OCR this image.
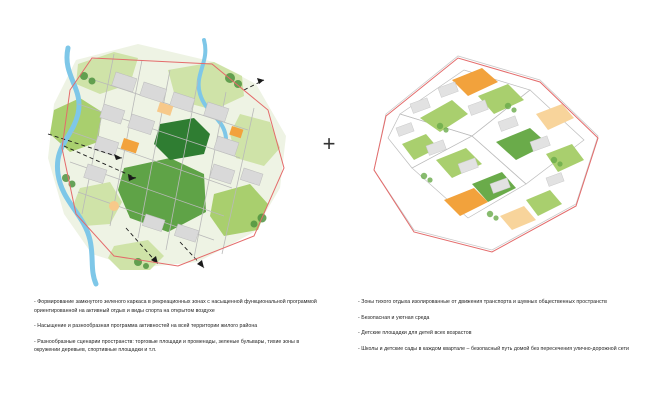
+

- Формирование замкнутого зеленого каркаса в рекреационных зонах с насыщенной функциональной программой ориентированной на активный отдых и виды спорта на открытом воздухе

- Насыщение и разнообразная программа активностей на всей территории жилого района

- Разнообразные сценарии пространств: торговые площади и променады, зеленые бульвары, тихие зоны в окружении деревьев, спортивные площадки и т.п.

- Зоны тихого отдыха изолированные от движения транспорта и шумных общественных пространств

- Безопасная и уютная среда

- Детские площадки для детей всех возрастов

- Школы и детские сады в каждом квартале – безопасный путь домой без пересечения улично-дорожной сети
